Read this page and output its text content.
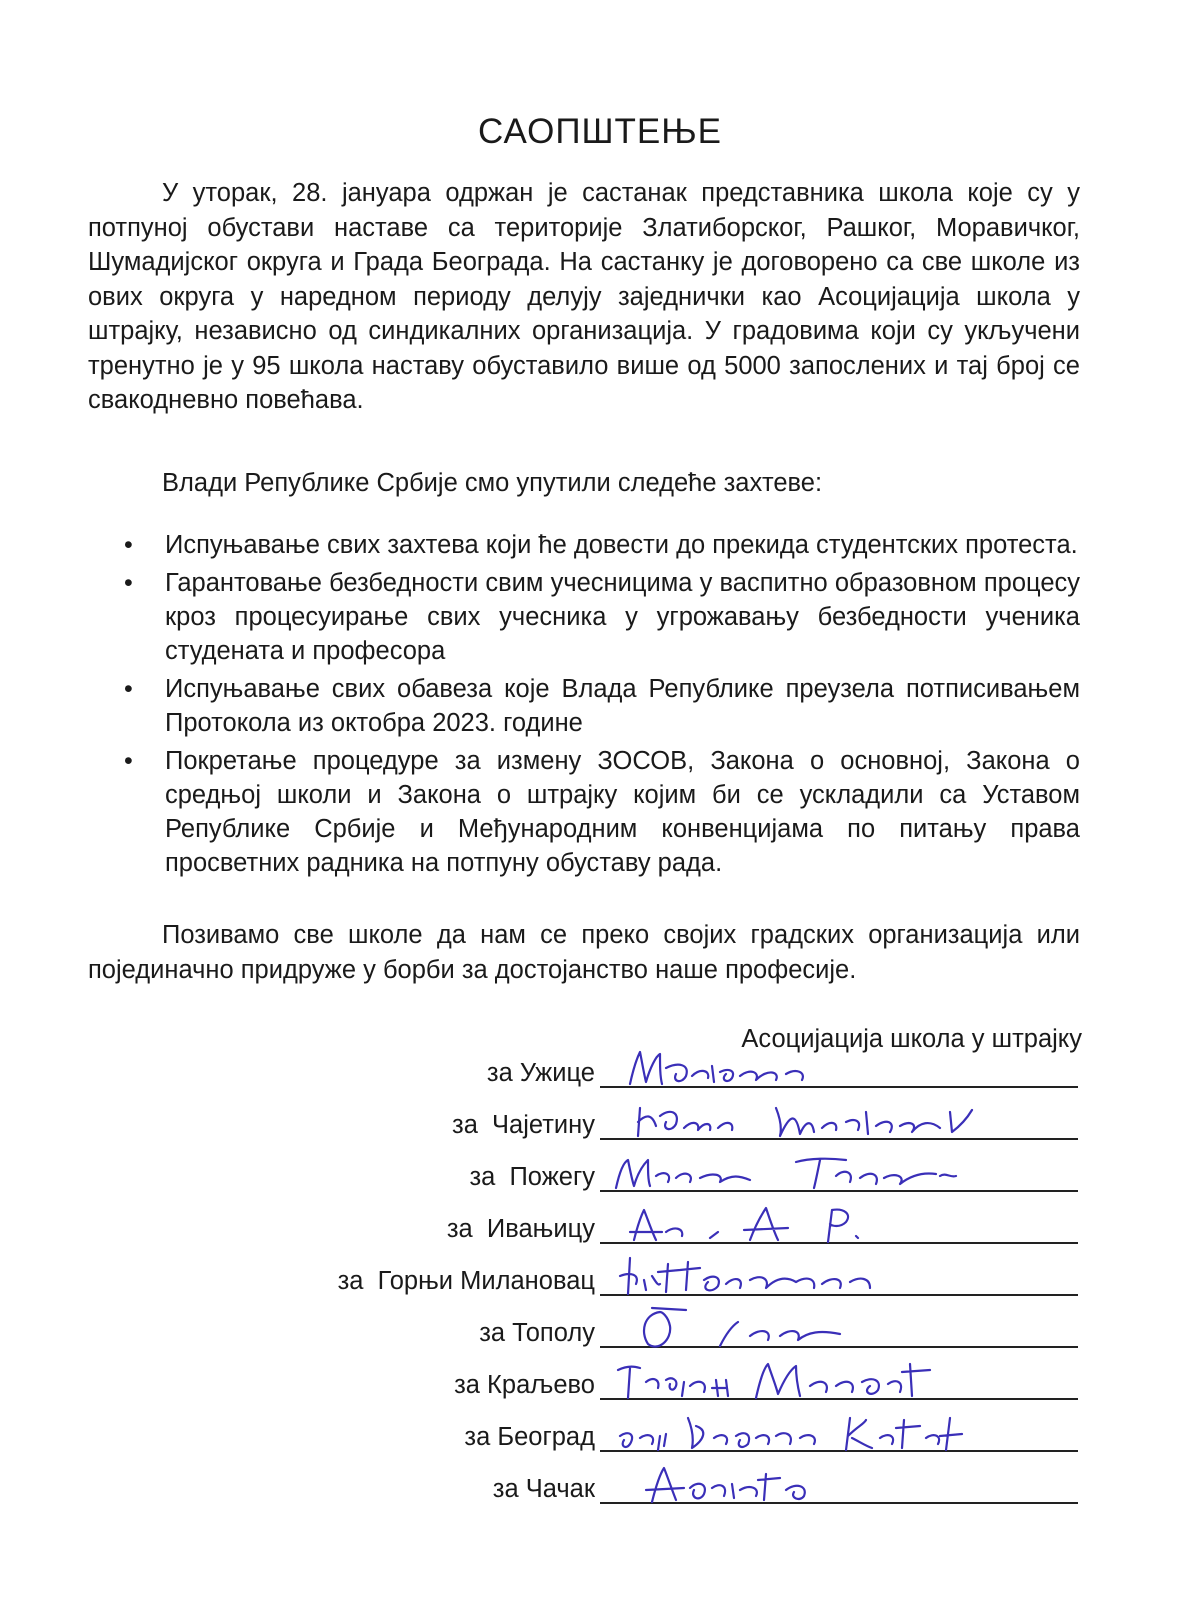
САОПШТЕЊЕ

У уторак, 28. јануара одржан је састанак представника школа које су у потпуној обустави наставе са територије Златиборског, Рашког, Моравичког, Шумадијског округа и Града Београда. На састанку је договорено са све школе из ових округа у наредном периоду делују заједнички као Асоцијација школа у штрајку, независно од синдикалних организација. У градовима који су укључени тренутно је у 95 школа наставу обуставило више од 5000 запослених и тај број се свакодневно повећава.

Влади Републике Србије смо упутили следеће захтеве:

• Испуњавање свих захтева који ће довести до прекида студентских протеста.
• Гарантовање безбедности свим учесницима у васпитно образовном процесу кроз процесуирање свих учесника у угрожавању безбедности ученика студената и професора
• Испуњавање свих обавеза које Влада Републике преузела потписивањем Протокола из октобра 2023. године
• Покретање процедуре за измену ЗОСОВ, Закона о основној, Закона о средњој школи и Закона о штрајку којим би се ускладили са Уставом Републике Србије и Међународним конвенцијама по питању права просветних радника на потпуну обуставу рада.

Позивамо све школе да нам се преко својих градских организација или појединачно придруже у борби за достојанство наше професије.

Асоцијација школа у штрајку

за Ужице
за  Чајетину
за  Пожегу
за  Ивањицу
за  Горњи Милановац
за Тополу
за Краљево
за Београд
за Чачак
